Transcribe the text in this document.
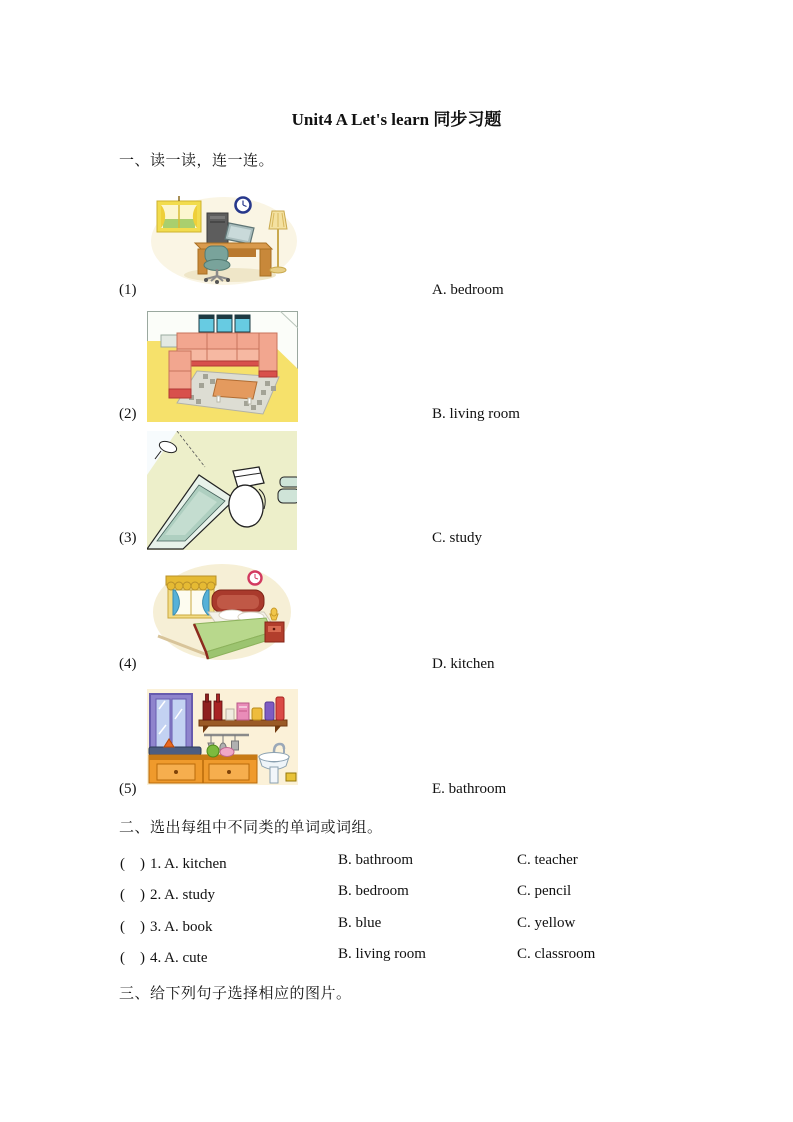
Unit4 A Let's learn 同步习题
一、读一读，连一连。
(1)	A. bedroom
(2)	B. living room
(3)	C. study
(4)	D. kitchen
(5)	E. bathroom
二、选出每组中不同类的单词或词组。
(　) 1. A. kitchen	B. bathroom	C. teacher
(　) 2. A. study	B. bedroom	C. pencil
(　) 3. A. book	B. blue	C. yellow
(　) 4. A. cute	B. living room	C. classroom
三、给下列句子选择相应的图片。
